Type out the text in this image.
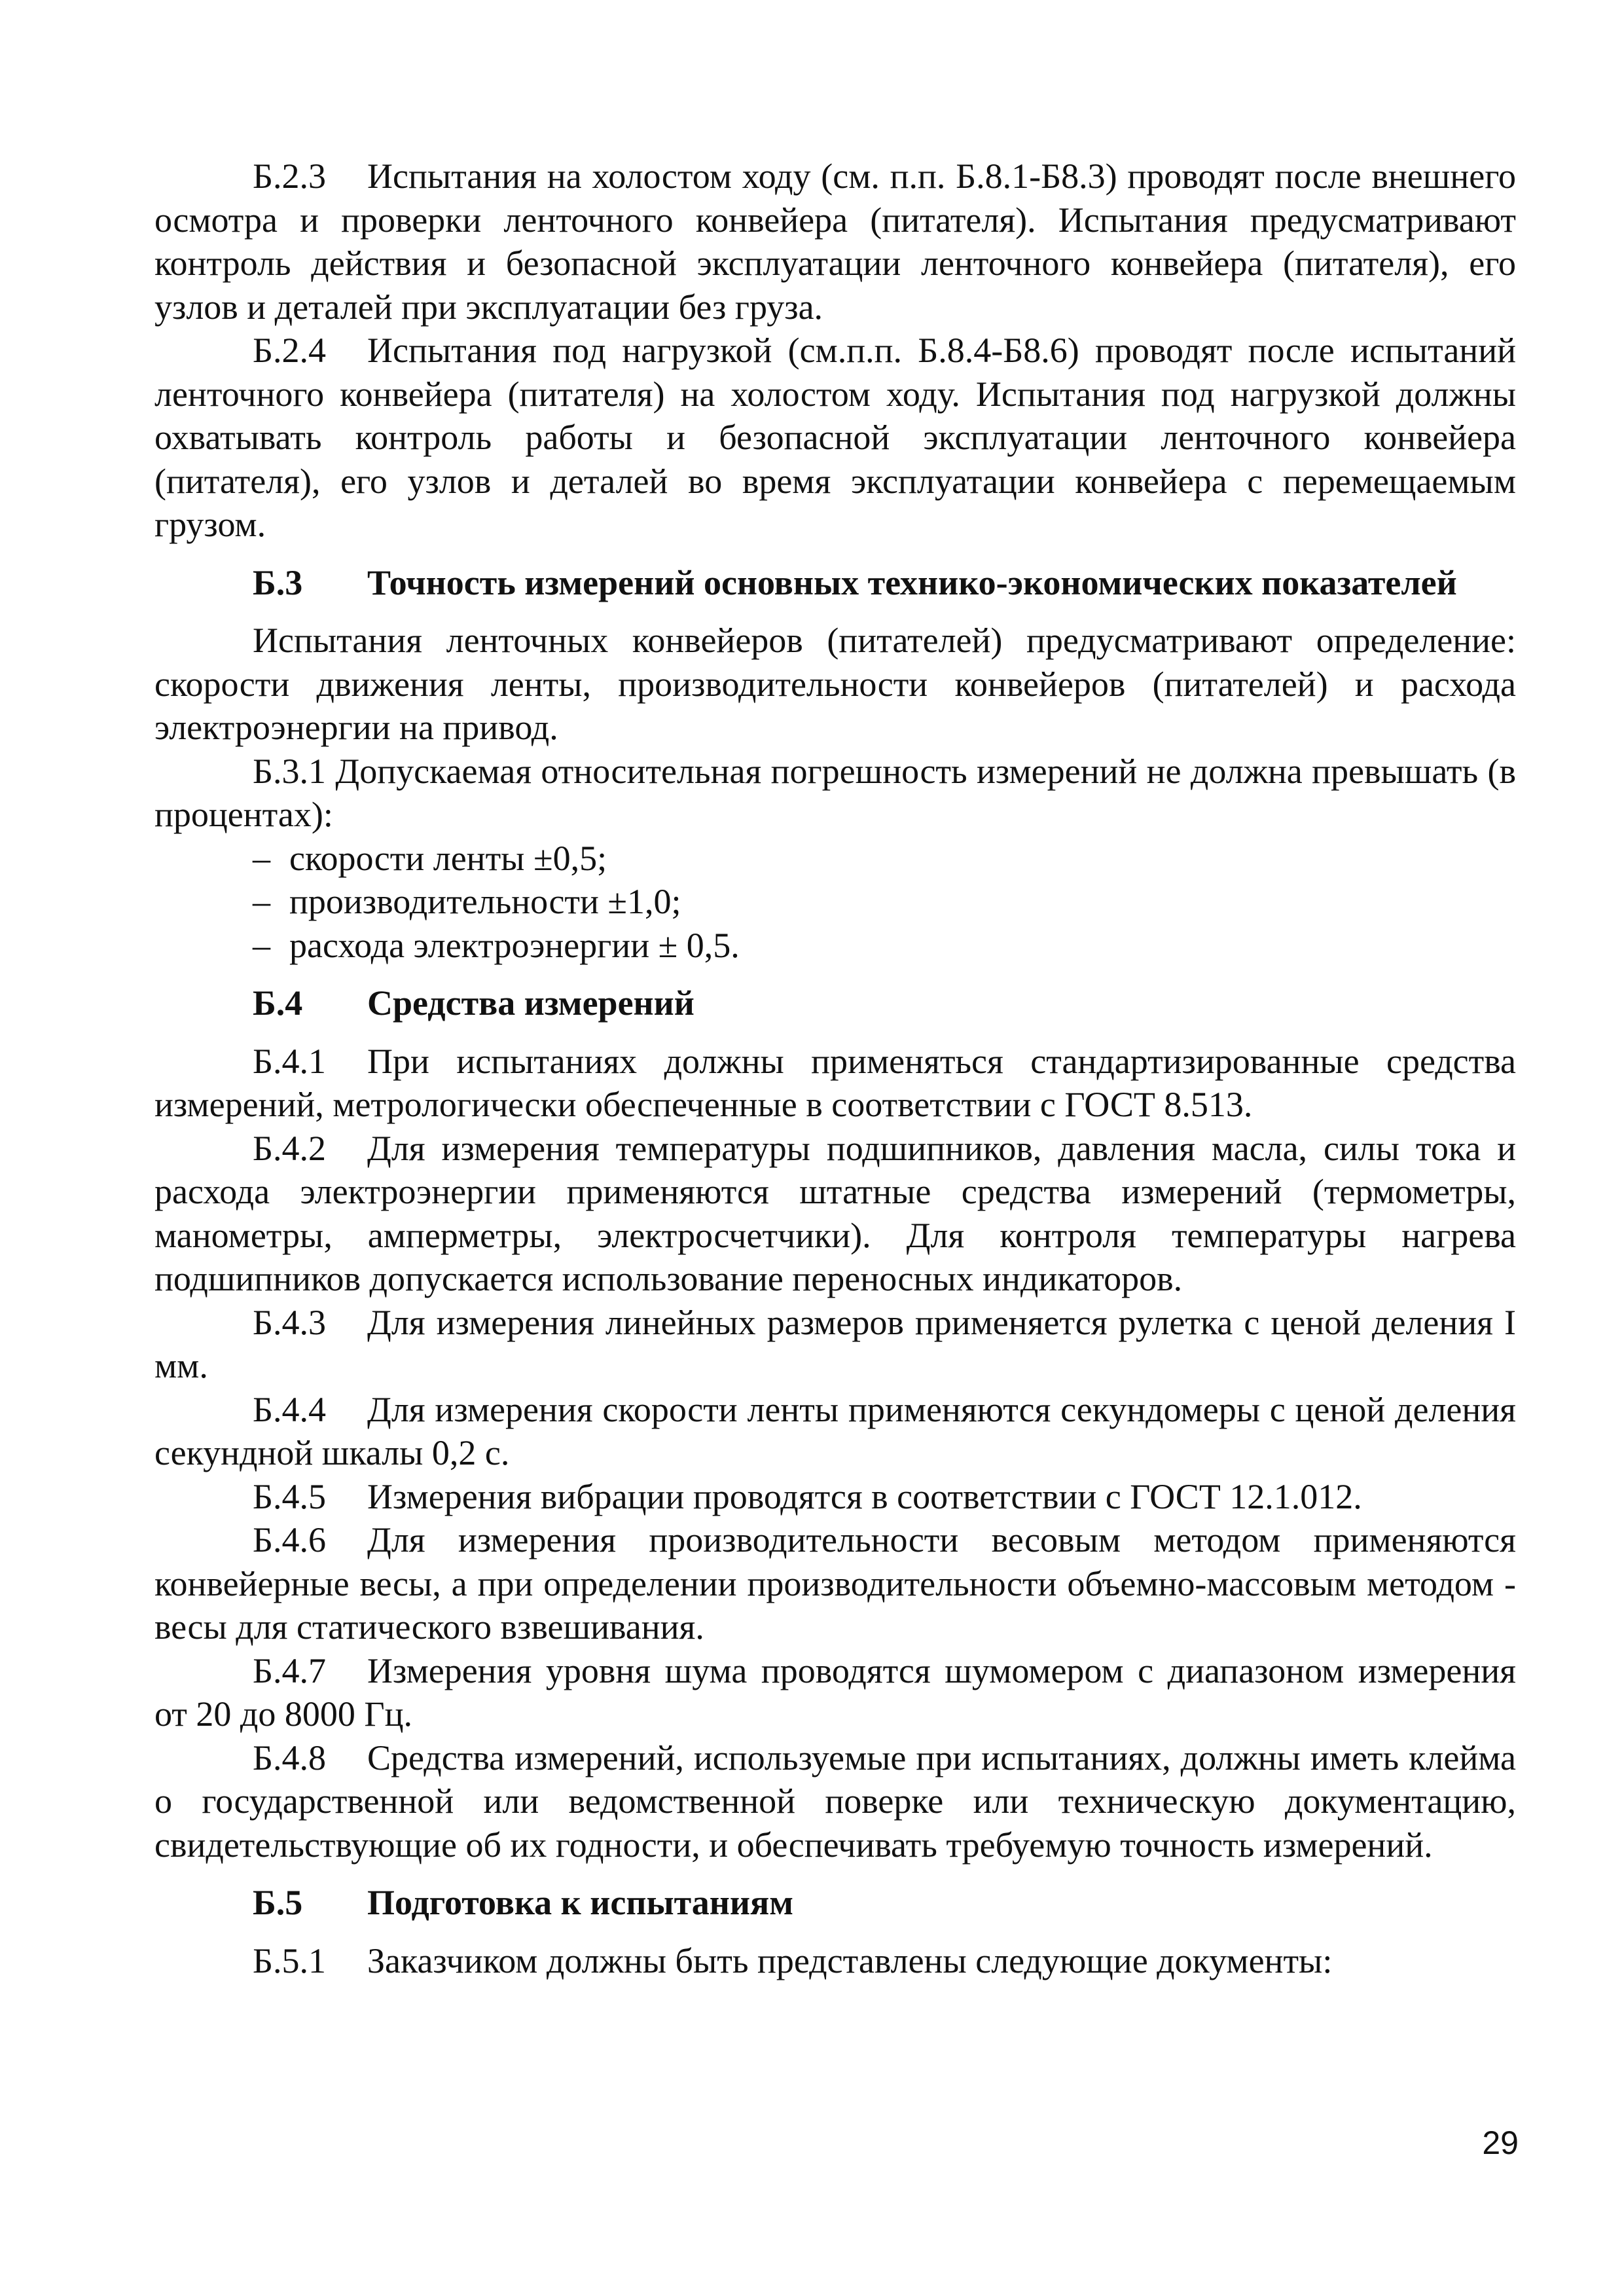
Б.2.3 Испытания на холостом ходу (см. п.п. Б.8.1-Б8.3) проводят после внешнего осмотра и проверки ленточного конвейера (питателя). Испытания предусматривают контроль действия и безопасной эксплуатации ленточного конвейера (питателя), его узлов и деталей при эксплуатации без груза.

Б.2.4 Испытания под нагрузкой (см.п.п. Б.8.4-Б8.6) проводят после испытаний ленточного конвейера (питателя) на холостом ходу. Испытания под нагрузкой должны охватывать контроль работы и безопасной эксплуатации ленточного конвейера (питателя), его узлов и деталей во время эксплуатации конвейера с перемещаемым грузом.

Б.3 Точность измерений основных технико-экономических показателей

Испытания ленточных конвейеров (питателей) предусматривают определение: скорости движения ленты, производительности конвейеров (питателей) и расхода электроэнергии на привод.

Б.3.1 Допускаемая относительная погрешность измерений не должна превышать (в процентах):

– скорости ленты ±0,5;

– производительности ±1,0;

– расхода электроэнергии ± 0,5.

Б.4 Средства измерений

Б.4.1 При испытаниях должны применяться стандартизированные средства измерений, метрологически обеспеченные в соответствии с ГОСТ 8.513.

Б.4.2 Для измерения температуры подшипников, давления масла, силы тока и расхода электроэнергии применяются штатные средства измерений (термометры, манометры, амперметры, электросчетчики). Для контроля температуры нагрева подшипников допускается использование переносных индикаторов.

Б.4.3 Для измерения линейных размеров применяется рулетка с ценой деления I мм.

Б.4.4 Для измерения скорости ленты применяются секундомеры с ценой деления секундной шкалы 0,2 с.

Б.4.5 Измерения вибрации проводятся в соответствии с ГОСТ 12.1.012.

Б.4.6 Для измерения производительности весовым методом применяются конвейерные весы, а при определении производительности объемно-массовым методом - весы для статического взвешивания.

Б.4.7 Измерения уровня шума проводятся шумомером с диапазоном измерения от 20 до 8000 Гц.

Б.4.8 Средства измерений, используемые при испытаниях, должны иметь клейма о государственной или ведомственной поверке или техническую документацию, свидетельствующие об их годности, и обеспечивать требуемую точность измерений.

Б.5 Подготовка к испытаниям

Б.5.1 Заказчиком должны быть представлены следующие документы:

29
